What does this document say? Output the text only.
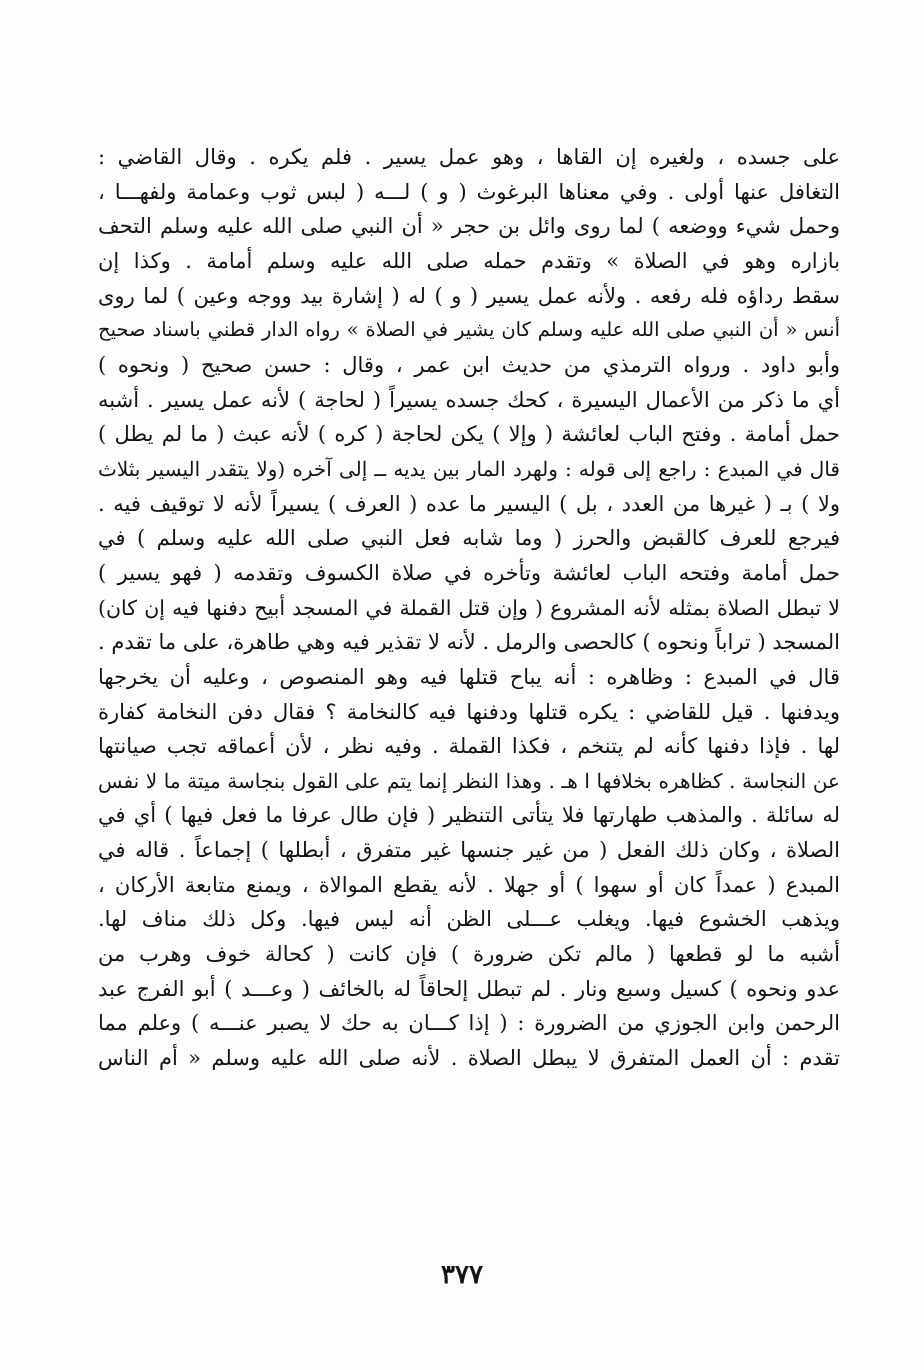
على جسده ، ولغيره إن القاها ، وهو عمل يسير . فلم يكره . وقال القاضي :
التغافل عنها أولى . وفي معناها البرغوث ( و ) لـــه ( لبس ثوب وعمامة ولفهـــا ،
وحمل شيء ووضعه ) لما روى وائل بن حجر « أن النبي صلى الله عليه وسلم التحف
بازاره وهو في الصلاة » وتقدم حمله صلى الله عليه وسلم أمامة . وكذا إن
سقط رداؤه فله رفعه . ولأنه عمل يسير ( و ) له ( إشارة بيد ووجه وعين ) لما روى
أنس « أن النبي صلى الله عليه وسلم كان يشير في الصلاة » رواه الدار قطني باسناد صحيح
وأبو داود . ورواه الترمذي من حديث ابن عمر ، وقال : حسن صحيح ( ونحوه )
أي ما ذكر من الأعمال اليسيرة ، كحك جسده يسيراً ( لحاجة ) لأنه عمل يسير . أشبه
حمل أمامة . وفتح الباب لعائشة ( وإلا ) يكن لحاجة ( كره ) لأنه عبث ( ما لم يطل )
قال في المبدع : راجع إلى قوله : ولهرد المار بين يديه ــ إلى آخره (ولا يتقدر اليسير بثلاث
ولا ) بـ ( غيرها من العدد ، بل ) اليسير ما عده ( العرف ) يسيراً لأنه لا توقيف فيه .
فيرجع للعرف كالقبض والحرز ( وما شابه فعل النبي صلى الله عليه وسلم ) في
حمل أمامة وفتحه الباب لعائشة وتأخره في صلاة الكسوف وتقدمه ( فهو يسير )
لا تبطل الصلاة بمثله لأنه المشروع ( وإن قتل القملة في المسجد أبيح دفنها فيه إن كان)
المسجد ( تراباً ونحوه ) كالحصى والرمل . لأنه لا تقذير فيه وهي طاهرة، على ما تقدم .
قال في المبدع : وظاهره : أنه يباح قتلها فيه وهو المنصوص ، وعليه أن يخرجها
ويدفنها . قيل للقاضي : يكره قتلها ودفنها فيه كالنخامة ؟ فقال دفن النخامة كفارة
لها . فإذا دفنها كأنه لم يتنخم ، فكذا القملة . وفيه نظر ، لأن أعماقه تجب صيانتها
عن النجاسة . كظاهره بخلافها ا هـ . وهذا النظر إنما يتم على القول بنجاسة ميتة ما لا نفس
له سائلة . والمذهب طهارتها فلا يتأتى التنظير ( فإن طال عرفا ما فعل فيها ) أي في
الصلاة ، وكان ذلك الفعل ( من غير جنسها غير متفرق ، أبطلها ) إجماعاً . قاله في
المبدع ( عمداً كان أو سهوا ) أو جهلا . لأنه يقطع الموالاة ، ويمنع متابعة الأركان ،
ويذهب الخشوع فيها. ويغلب عـــلى الظن أنه ليس فيها. وكل ذلك مناف لها.
أشبه ما لو قطعها ( مالم تكن ضرورة ) فإن كانت ( كحالة خوف وهرب من
عدو ونحوه ) كسيل وسبع ونار . لم تبطل إلحاقاً له بالخائف ( وعـــد ) أبو الفرج عبد
الرحمن وابن الجوزي من الضرورة : ( إذا كـــان به حك لا يصبر عنـــه ) وعلم مما
تقدم : أن العمل المتفرق لا يبطل الصلاة . لأنه صلى الله عليه وسلم « أم الناس
٣٧٧
